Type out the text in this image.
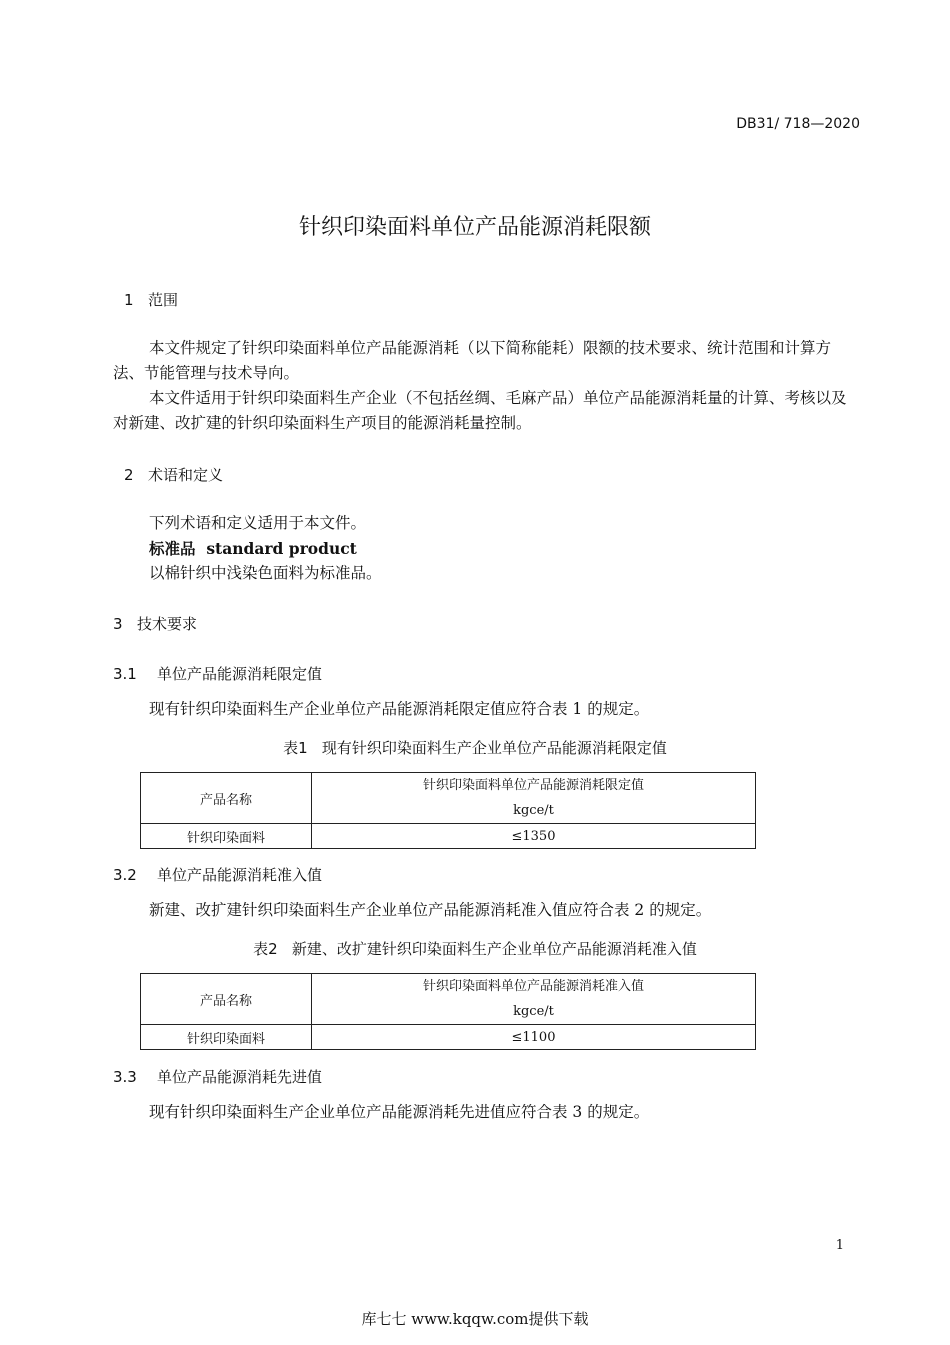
DB31/ 718—2020
针织印染面料单位产品能源消耗限额
1 范围

本文件规定了针织印染面料单位产品能源消耗（以下简称能耗）限额的技术要求、统计范围和计算方法、节能管理与技术导向。

本文件适用于针织印染面料生产企业（不包括丝绸、毛麻产品）单位产品能源消耗量的计算、考核以及对新建、改扩建的针织印染面料生产项目的能源消耗量控制。

2 术语和定义

下列术语和定义适用于本文件。

标准品 standard product

以棉针织中浅染色面料为标准品。

3 技术要求
3.1 单位产品能源消耗限定值

现有针织印染面料生产企业单位产品能源消耗限定值应符合表 1 的规定。

表1 现有针织印染面料生产企业单位产品能源消耗限定值
产品名称	针织印染面料单位产品能源消耗限定值
kgce/t

针织印染面料	≤1350
3.2 单位产品能源消耗准入值

新建、改扩建针织印染面料生产企业单位产品能源消耗准入值应符合表 2 的规定。

表2 新建、改扩建针织印染面料生产企业单位产品能源消耗准入值
产品名称	针织印染面料单位产品能源消耗准入值
kgce/t

针织印染面料	≤1100
3.3 单位产品能源消耗先进值

现有针织印染面料生产企业单位产品能源消耗先进值应符合表 3 的规定。

1
库七七 www.kqqw.com提供下载
